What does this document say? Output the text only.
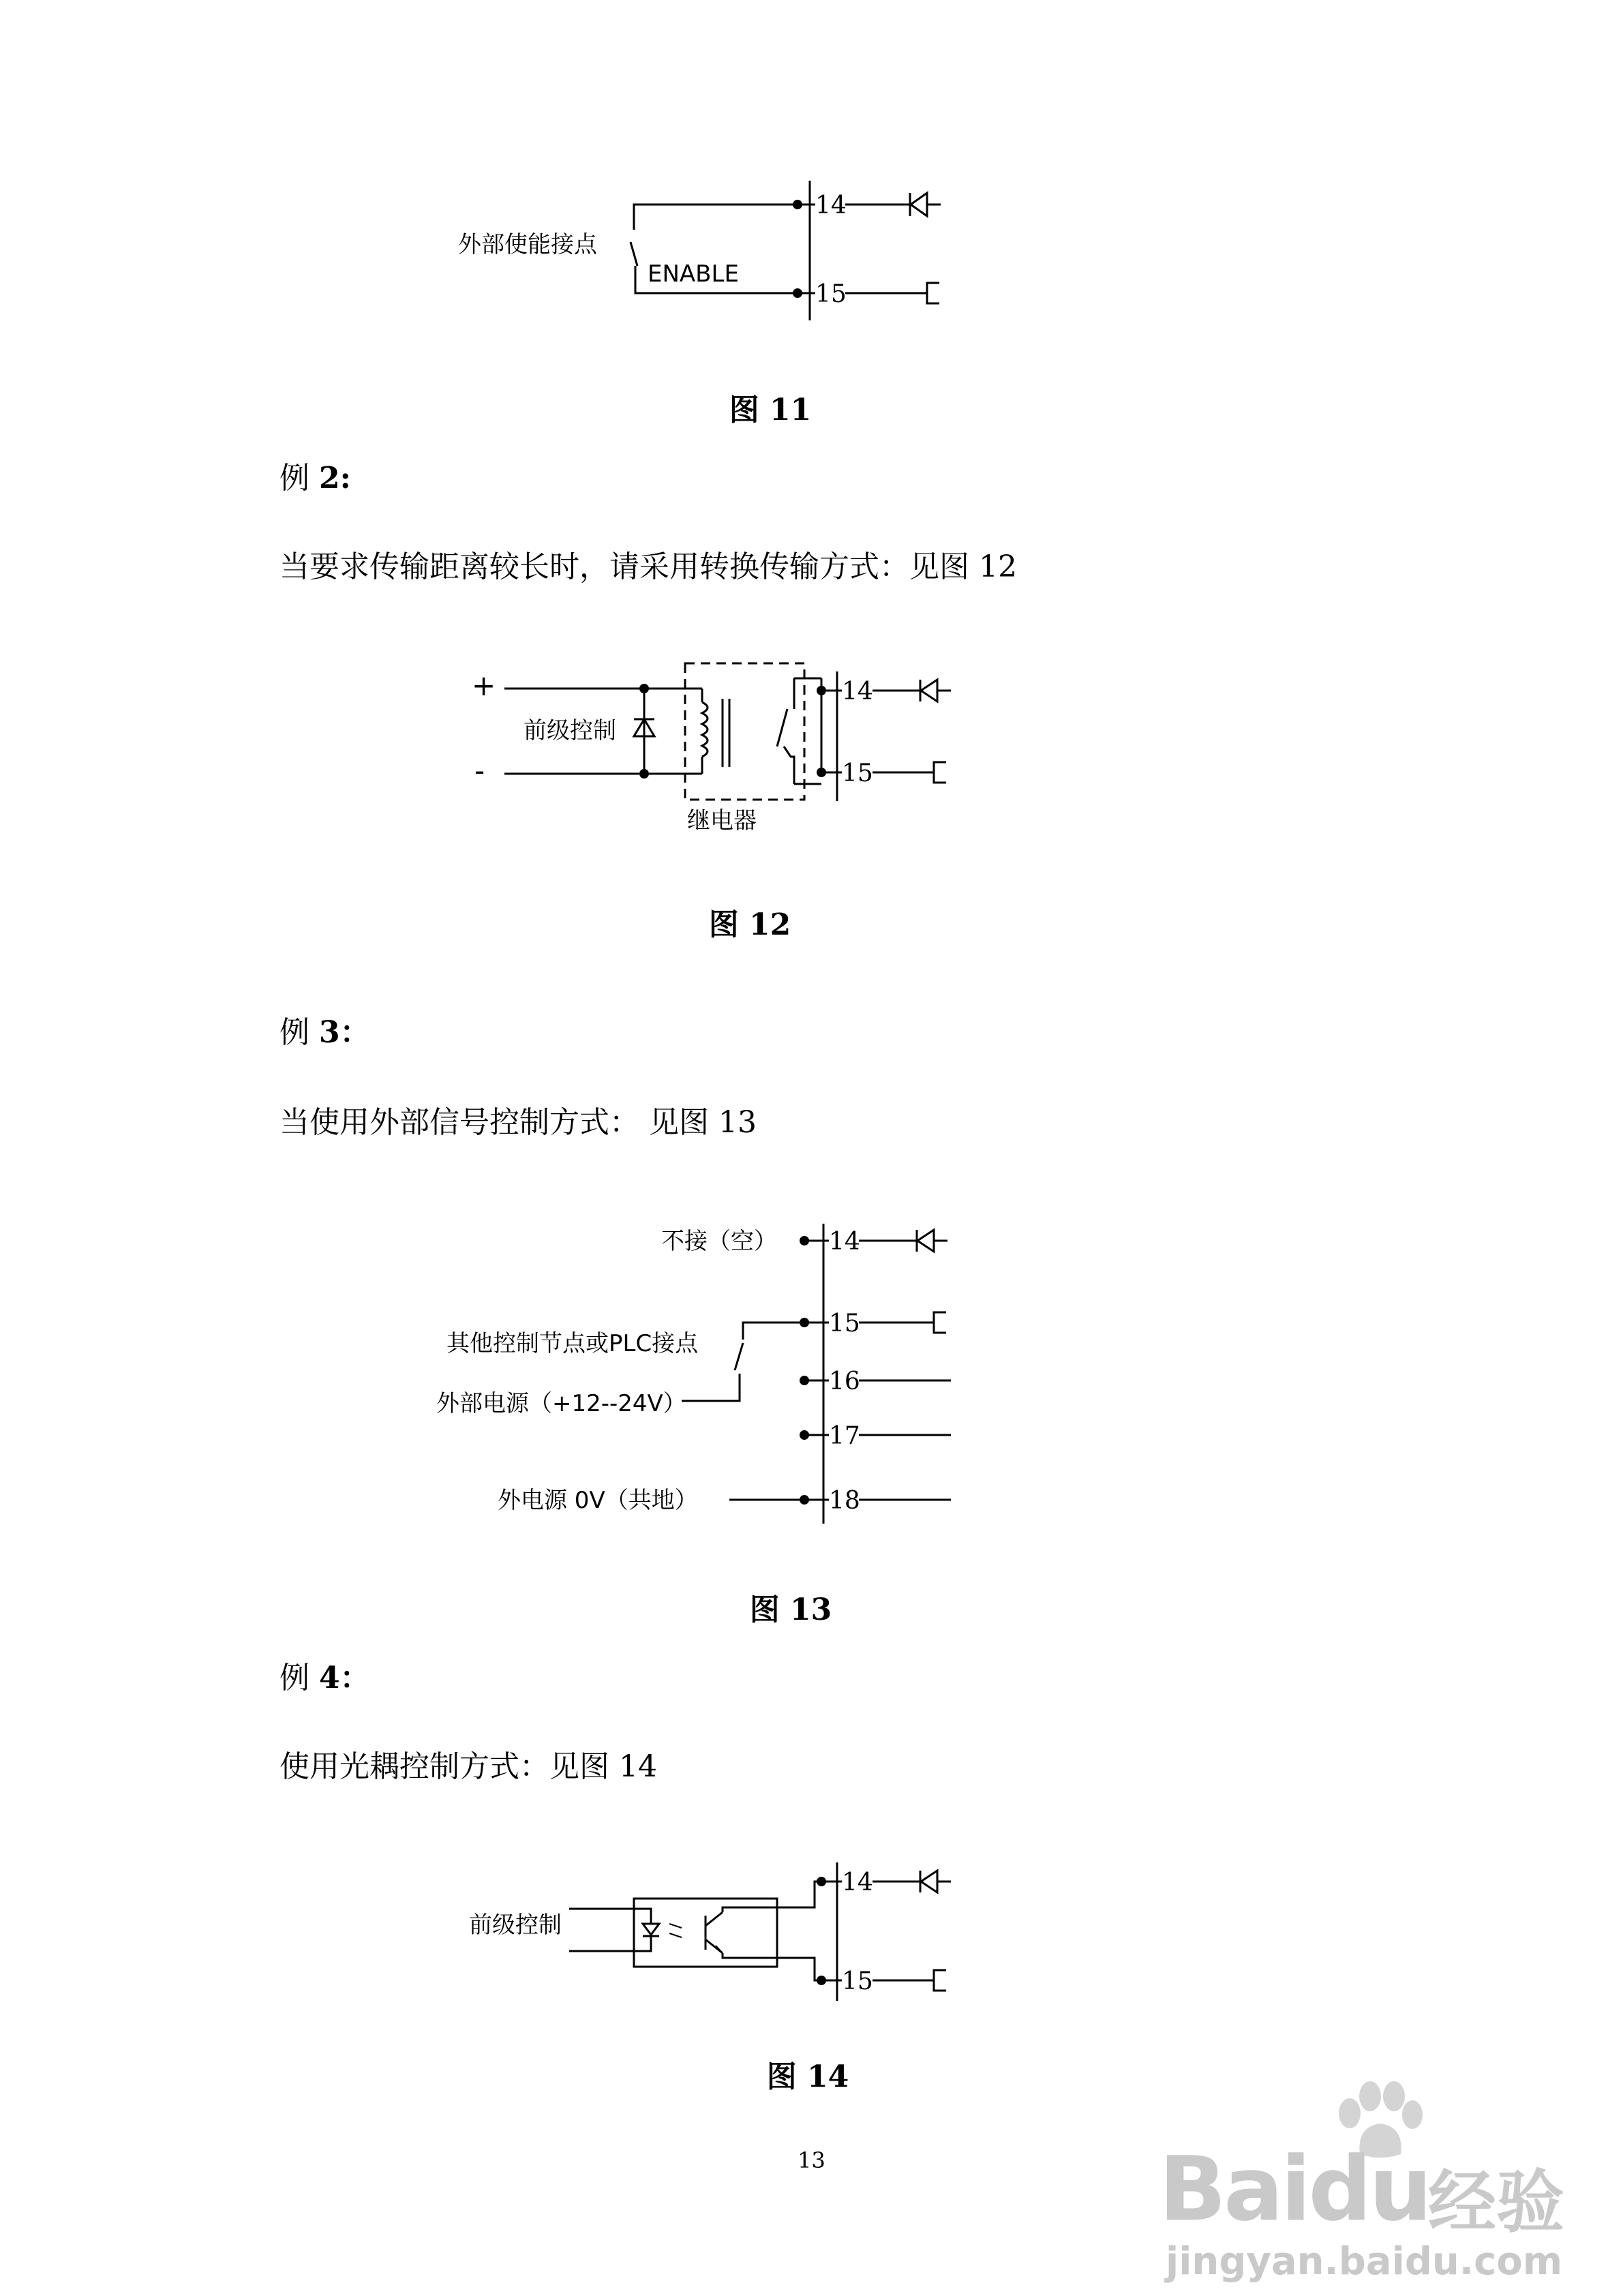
外部使能接点
ENABLE
14
15
图 11
例 2:
当要求传输距离较长时，请采用转换传输方式：见图 12
+
-
前级控制
14
15
继电器
图 12
例 3：
当使用外部信号控制方式： 见图 13
不接（空）
其他控制节点或PLC接点
外部电源（+12--24V）
外电源 0V（共地）
14
15
16
17
18
图 13
例 4：
使用光耦控制方式：见图 14
前级控制
14
15
图 14
13	Baidu
经验
jingyan.baidu.com
